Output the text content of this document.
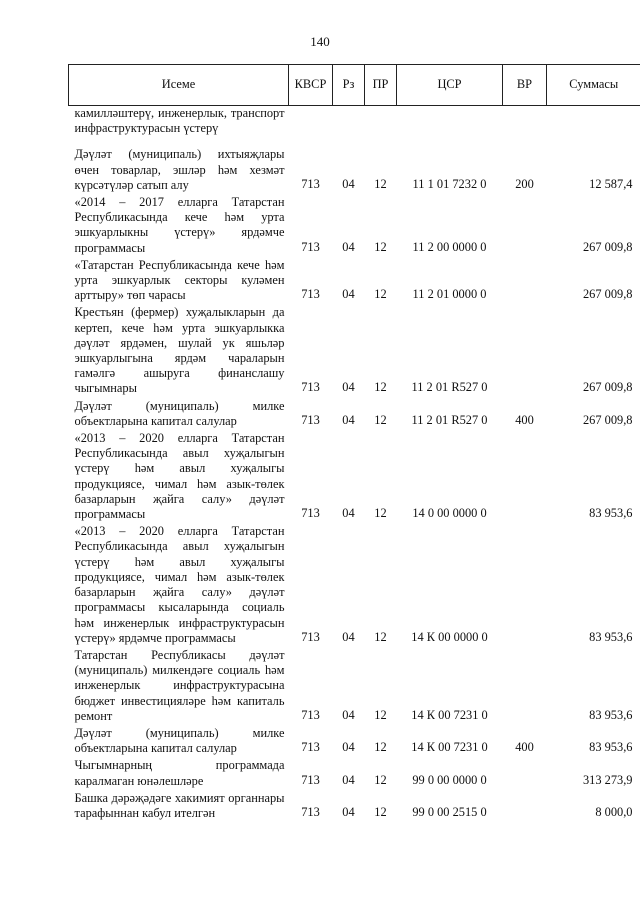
140
Исеме	КВСР	Рз	ПР	ЦСР	ВР	Суммасы
камилләштерү, инженерлык, транспорт инфраструктурасын үстерү						
Дәүләт (муниципаль) ихтыяҗлары өчен товарлар, эшләр һәм хезмәт күрсәтүләр сатып алу	713	04	12	11 1 01 7232 0	200	12 587,4
«2014 – 2017 елларга Татарстан Республикасында кече һәм урта эшкуарлыкны үстерү» ярдәмче программасы	713	04	12	11 2 00 0000 0		267 009,8
«Татарстан Республикасында кече һәм урта эшкуарлык секторы куләмен арттыру» төп чарасы	713	04	12	11 2 01 0000 0		267 009,8
Крестьян (фермер) хуҗалыкларын да кертеп, кече һәм урта эшкуарлыкка дәүләт ярдәмен, шулай ук яшьләр эшкуарлыгына ярдәм чараларын гамәлгә ашыруга финанслашу чыгымнары	713	04	12	11 2 01 R527 0		267 009,8
Дәүләт (муниципаль) милке объектларына капитал салулар	713	04	12	11 2 01 R527 0	400	267 009,8
«2013 – 2020 елларга Татарстан Республикасында авыл хуҗалыгын үстерү һәм авыл хуҗалыгы продукциясе, чимал һәм азык-төлек базарларын җайга салу» дәүләт программасы	713	04	12	14 0 00 0000 0		83 953,6
«2013 – 2020 елларга Татарстан Республикасында авыл хуҗалыгын үстерү һәм авыл хуҗалыгы продукциясе, чимал һәм азык-төлек базарларын җайга салу» дәүләт программасы кысаларында социаль һәм инженерлык инфраструктурасын үстерү» ярдәмче программасы	713	04	12	14 К 00 0000 0		83 953,6
Татарстан Республикасы дәүләт (муниципаль) милкендәге социаль һәм инженерлык инфраструктурасына бюджет инвестицияләре һәм капиталь ремонт	713	04	12	14 К 00 7231 0		83 953,6
Дәүләт (муниципаль) милке объектларына капитал салулар	713	04	12	14 К 00 7231 0	400	83 953,6
Чыгымнарның программада каралмаган юнәлешләре	713	04	12	99 0 00 0000 0		313 273,9
Башка дәрәҗәдәге хакимият органнары тарафыннан кабул ителгән	713	04	12	99 0 00 2515 0		8 000,0
